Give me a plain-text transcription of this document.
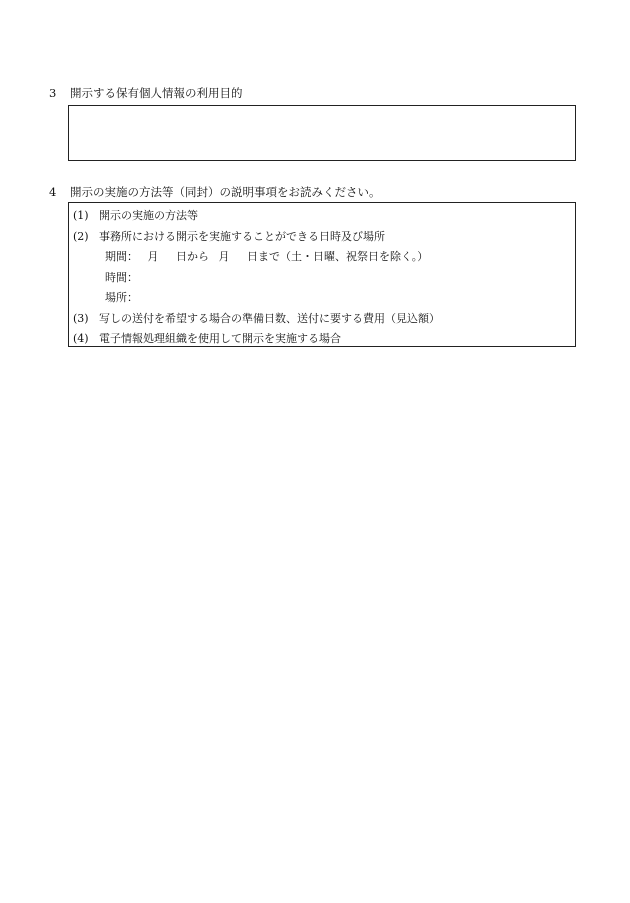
3 開示する保有個人情報の利用目的
4 開示の実施の方法等（同封）の説明事項をお読みください。
(1) 開示の実施の方法等
(2) 事務所における開示を実施することができる日時及び場所
期間： 月 日から 月 日まで（土・日曜、祝祭日を除く。）
時間：
場所：
(3) 写しの送付を希望する場合の準備日数、送付に要する費用（見込額）
(4) 電子情報処理組織を使用して開示を実施する場合
